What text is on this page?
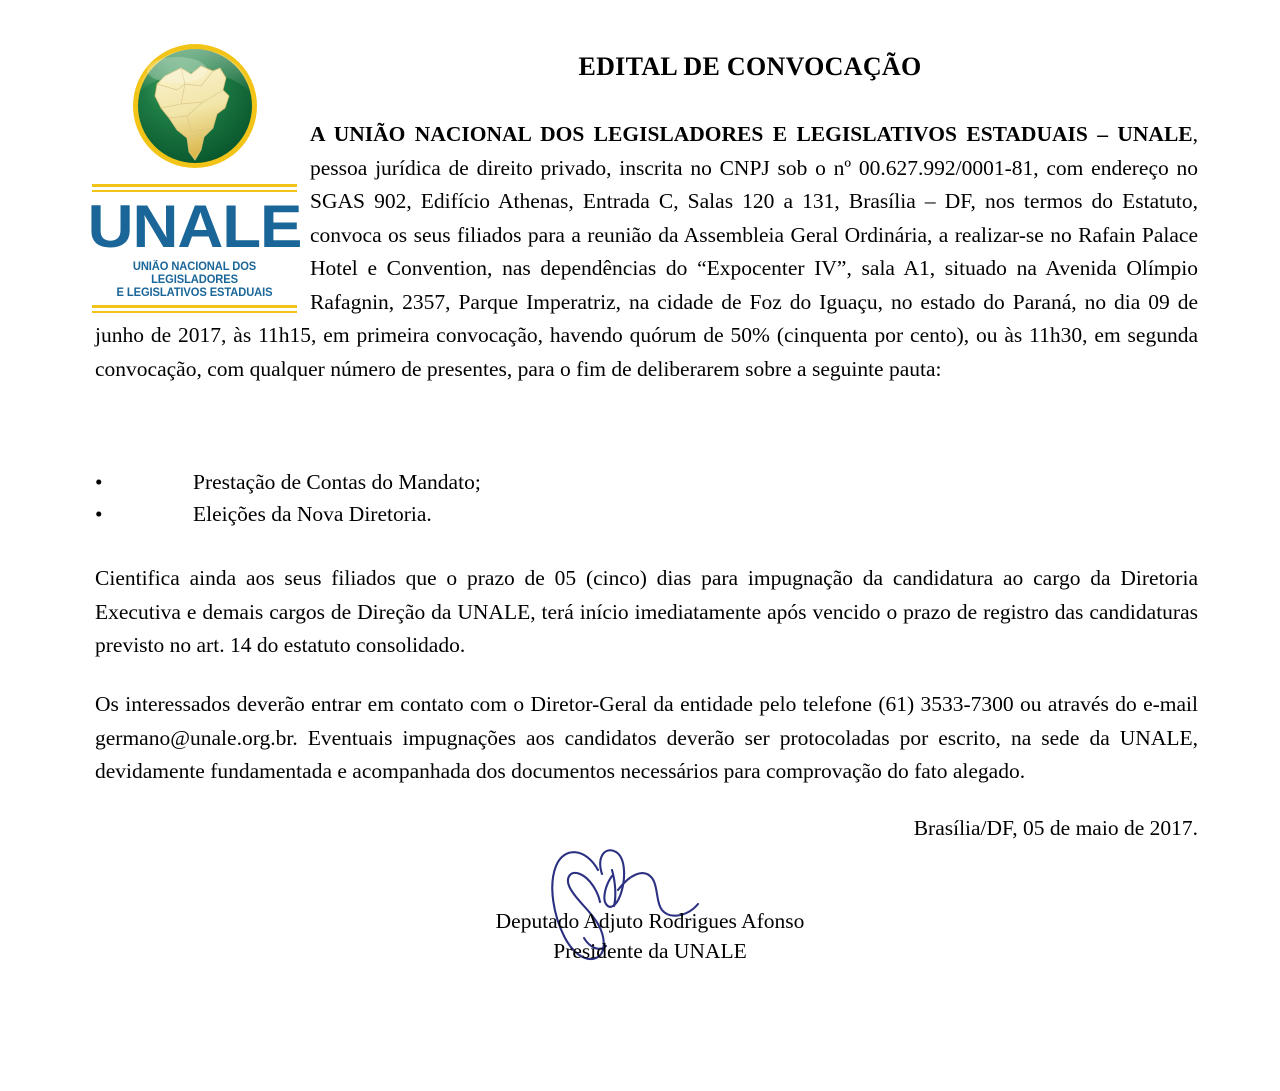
UNALE
UNIÃO NACIONAL DOS LEGISLADORES
E LEGISLATIVOS ESTADUAIS
EDITAL DE CONVOCAÇÃO

A UNIÃO NACIONAL DOS LEGISLADORES E LEGISLATIVOS ESTADUAIS – UNALE, pessoa jurídica de direito privado, inscrita no CNPJ sob o nº 00.627.992/0001-81, com endereço no SGAS 902, Edifício Athenas, Entrada C, Salas 120 a 131, Brasília – DF, nos termos do Estatuto, convoca os seus filiados para a reunião da Assembleia Geral Ordinária, a realizar-se no Rafain Palace Hotel e Convention, nas dependências do “Expocenter IV”, sala A1, situado na Avenida Olímpio Rafagnin, 2357, Parque Imperatriz, na cidade de Foz do Iguaçu, no estado do Paraná, no dia 09 de junho de 2017, às 11h15, em primeira convocação, havendo quórum de 50% (cinquenta por cento), ou às 11h30, em segunda convocação, com qualquer número de presentes, para o fim de deliberarem sobre a seguinte pauta:

•	Prestação de Contas do Mandato;
•	Eleições da Nova Diretoria.
Cientifica ainda aos seus filiados que o prazo de 05 (cinco) dias para impugnação da candidatura ao cargo da Diretoria Executiva e demais cargos de Direção da UNALE, terá início imediatamente após vencido o prazo de registro das candidaturas previsto no art. 14 do estatuto consolidado.
Os interessados deverão entrar em contato com o Diretor-Geral da entidade pelo telefone (61) 3533-7300 ou através do e-mail germano@unale.org.br. Eventuais impugnações aos candidatos deverão ser protocoladas por escrito, na sede da UNALE, devidamente fundamentada e acompanhada dos documentos necessários para comprovação do fato alegado.
Brasília/DF, 05 de maio de 2017.
Deputado Adjuto Rodrigues Afonso
Presidente da UNALE
